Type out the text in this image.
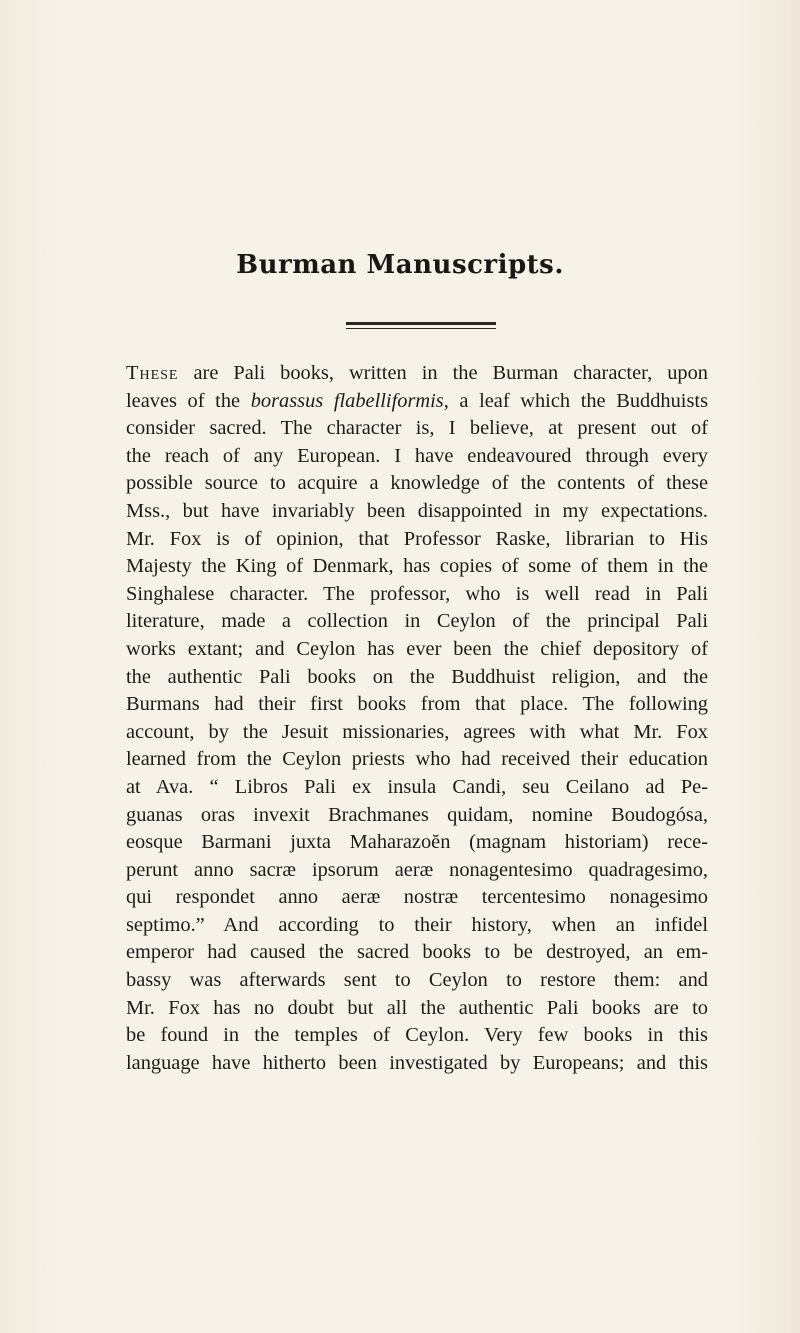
Burman Manuscripts.
These are Pali books, written in the Burman character, upon
leaves of the borassus flabelliformis, a leaf which the Buddhuists
consider sacred. The character is, I believe, at present out of
the reach of any European. I have endeavoured through every
possible source to acquire a knowledge of the contents of these
Mss., but have invariably been disappointed in my expectations.
Mr. Fox is of opinion, that Professor Raske, librarian to His
Majesty the King of Denmark, has copies of some of them in the
Singhalese character. The professor, who is well read in Pali
literature, made a collection in Ceylon of the principal Pali
works extant; and Ceylon has ever been the chief depository of
the authentic Pali books on the Buddhuist religion, and the
Burmans had their first books from that place. The following
account, by the Jesuit missionaries, agrees with what Mr. Fox
learned from the Ceylon priests who had received their education
at Ava. “ Libros Pali ex insula Candi, seu Ceilano ad Pe-
guanas oras invexit Brachmanes quidam, nomine Boudogósa,
eosque Barmani juxta Maharazoĕn (magnam historiam) rece-
perunt anno sacræ ipsorum aeræ nonagentesimo quadragesimo,
qui respondet anno aeræ nostræ tercentesimo nonagesimo
septimo.” And according to their history, when an infidel
emperor had caused the sacred books to be destroyed, an em-
bassy was afterwards sent to Ceylon to restore them: and
Mr. Fox has no doubt but all the authentic Pali books are to
be found in the temples of Ceylon. Very few books in this
language have hitherto been investigated by Europeans; and this
